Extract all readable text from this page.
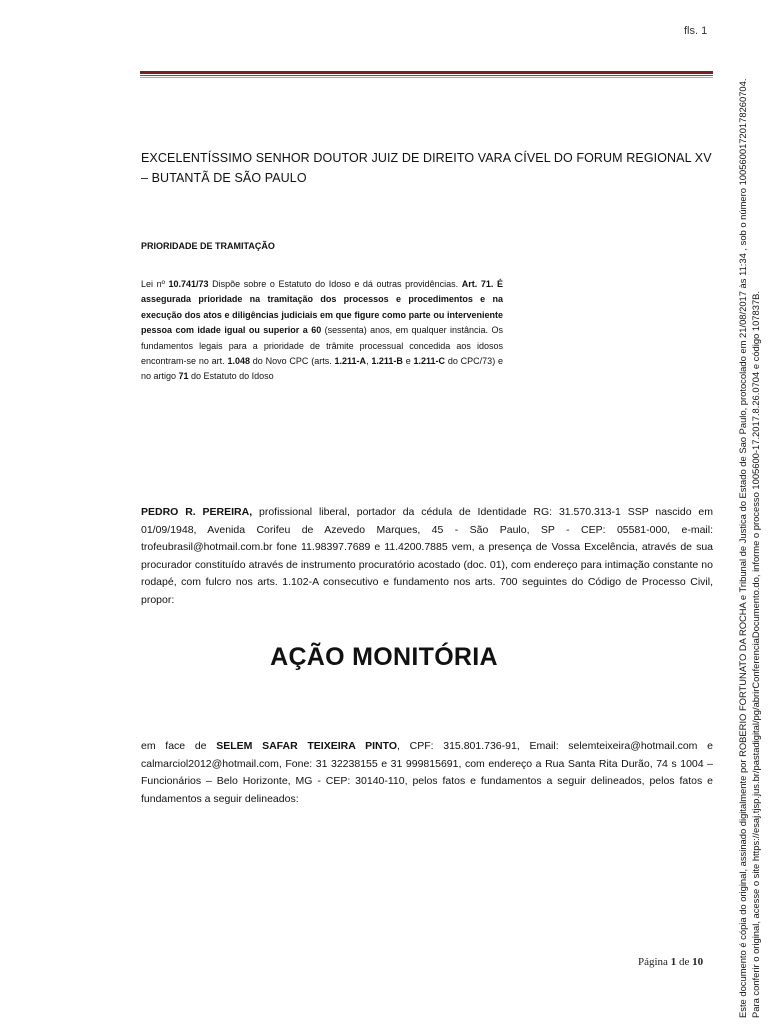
fls. 1
EXCELENTÍSSIMO SENHOR DOUTOR JUIZ DE DIREITO VARA CÍVEL DO FORUM REGIONAL XV – BUTANTÃ DE SÃO PAULO
PRIORIDADE DE TRAMITAÇÃO
Lei nº 10.741/73 Dispõe sobre o Estatuto do Idoso e dá outras providências. Art. 71. É assegurada prioridade na tramitação dos processos e procedimentos e na execução dos atos e diligências judiciais em que figure como parte ou interveniente pessoa com idade igual ou superior a 60 (sessenta) anos, em qualquer instância. Os fundamentos legais para a prioridade de trâmite processual concedida aos idosos encontram-se no art. 1.048 do Novo CPC (arts. 1.211-A, 1.211-B e 1.211-C do CPC/73) e no artigo 71 do Estatuto do Idoso
PEDRO R. PEREIRA, profissional liberal, portador da cédula de Identidade RG: 31.570.313-1 SSP nascido em 01/09/1948, Avenida Corifeu de Azevedo Marques, 45 - São Paulo, SP - CEP: 05581-000, e-mail: trofeubrasil@hotmail.com.br fone 11.98397.7689 e 11.4200.7885 vem, a presença de Vossa Excelência, através de sua procurador constituído através de instrumento procuratório acostado (doc. 01), com endereço para intimação constante no rodapé, com fulcro nos arts. 1.102-A consecutivo e fundamento nos arts. 700 seguintes do Código de Processo Civil, propor:
AÇÃO MONITÓRIA
em face de SELEM SAFAR TEIXEIRA PINTO, CPF: 315.801.736-91, Email: selemteixeira@hotmail.com e calmarciol2012@hotmail.com, Fone: 31 32238155 e 31 999815691, com endereço a Rua Santa Rita Durão, 74 s 1004 – Funcionários – Belo Horizonte, MG - CEP: 30140-110, pelos fatos e fundamentos a seguir delineados, pelos fatos e fundamentos a seguir delineados:
Página 1 de 10	Este documento é cópia do original, assinado digitalmente por ROBERIO FORTUNATO DA ROCHA e Tribunal de Justica do Estado de Sao Paulo, protocolado em 21/08/2017 às 11:34 , sob o número 10056001720178260704. Para conferir o original, acesse o site https://esaj.tjsp.jus.br/pastadigital/pg/abrirConferenciaDocumento.do, informe o processo 1005600-17.2017.8.26.0704 e código 107837B.
